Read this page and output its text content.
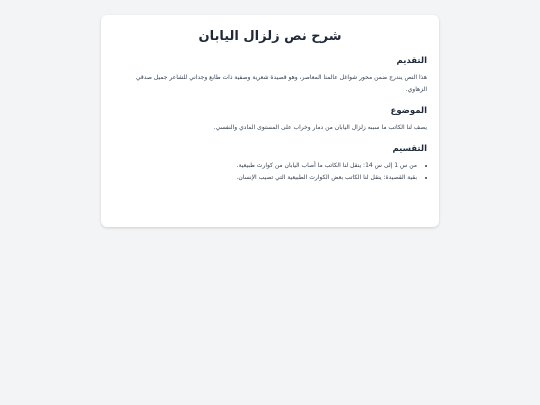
شرح نص زلزال اليابان
التقديم

هذا النص يندرج ضمن محور شواغل عالمنا المعاصر، وهو قصيدة شعرية وصفية ذات طابع وجداني للشاعر جميل صدقي الزهاوي.

الموضوع

يصف لنا الكاتب ما سببه زلزال اليابان من دمار وخراب على المستوى المادي والنفسي.

التقسيم
• من س 1 إلى س 14: ينقل لنا الكاتب ما أصاب اليابان من كوارث طبيعية.
• بقية القصيدة: ينقل لنا الكاتب بعض الكوارث الطبيعية التي تصيب الإنسان.
